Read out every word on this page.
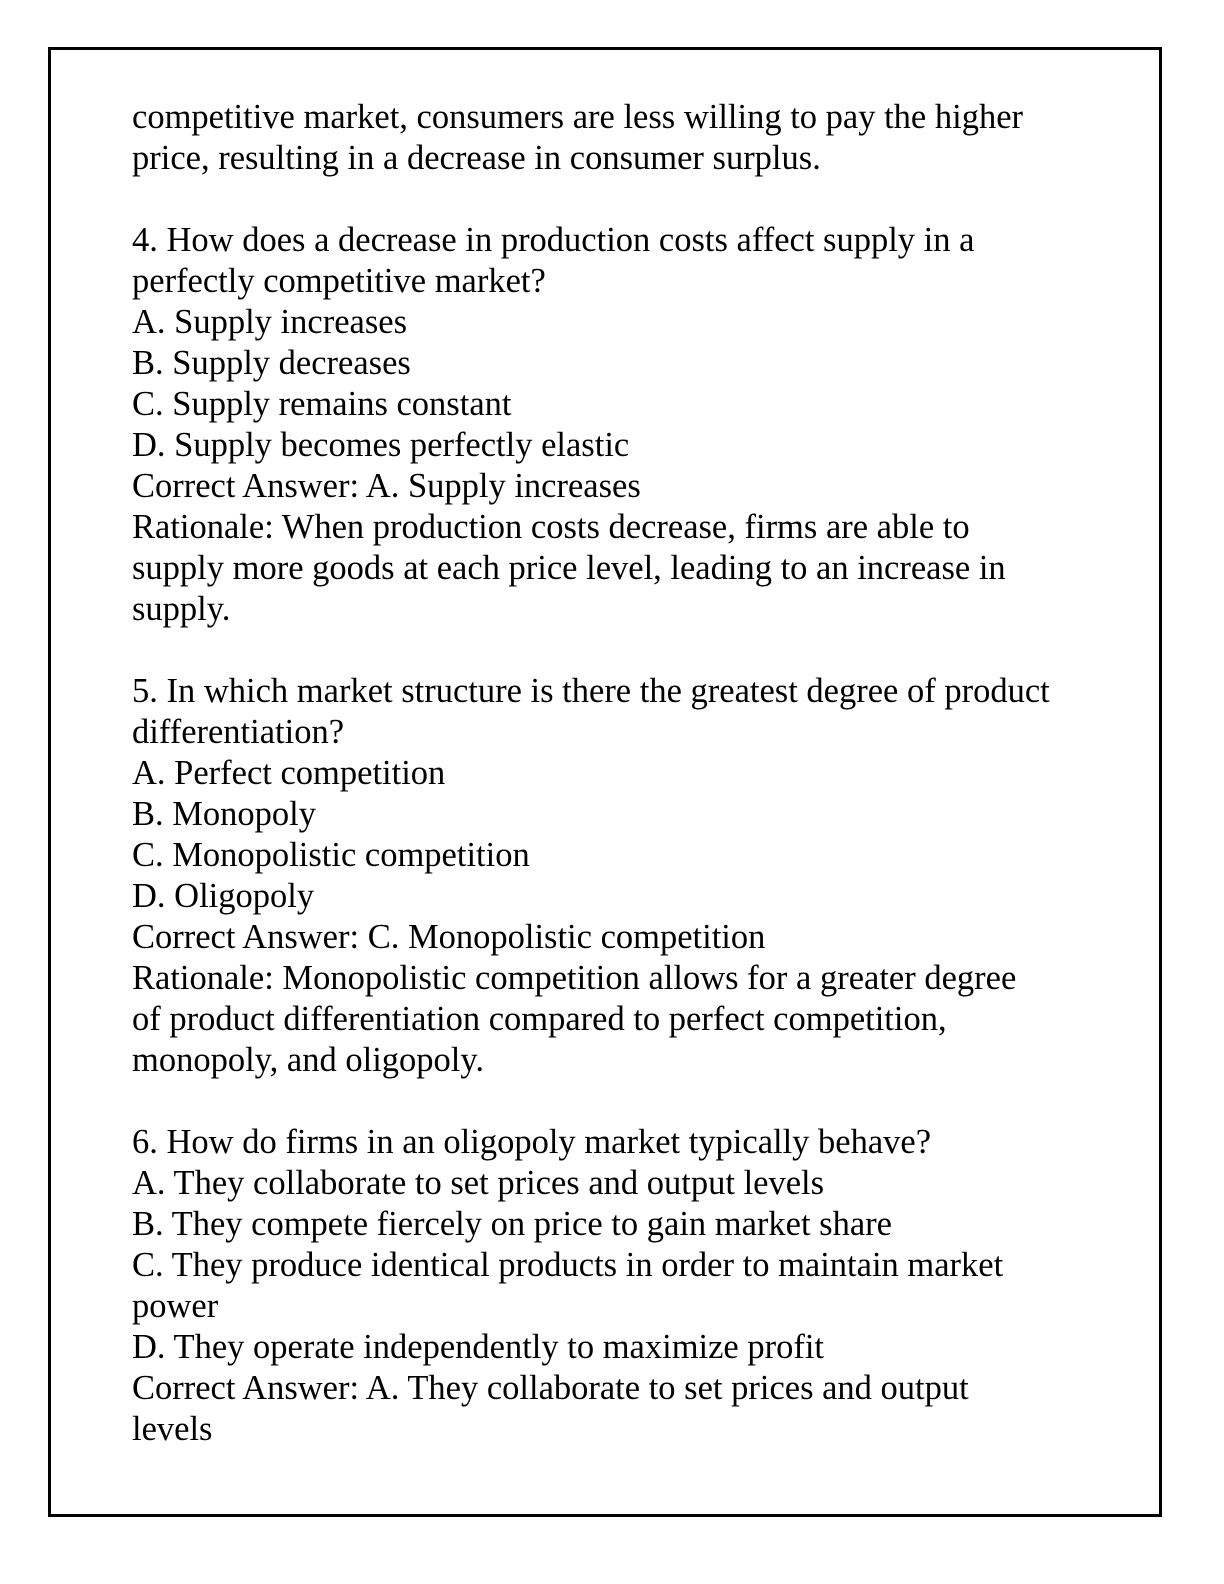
competitive market, consumers are less willing to pay the higher
price, resulting in a decrease in consumer surplus.
4. How does a decrease in production costs affect supply in a
perfectly competitive market?
A. Supply increases
B. Supply decreases
C. Supply remains constant
D. Supply becomes perfectly elastic
Correct Answer: A. Supply increases
Rationale: When production costs decrease, firms are able to
supply more goods at each price level, leading to an increase in
supply.
5. In which market structure is there the greatest degree of product
differentiation?
A. Perfect competition
B. Monopoly
C. Monopolistic competition
D. Oligopoly
Correct Answer: C. Monopolistic competition
Rationale: Monopolistic competition allows for a greater degree
of product differentiation compared to perfect competition,
monopoly, and oligopoly.
6. How do firms in an oligopoly market typically behave?
A. They collaborate to set prices and output levels
B. They compete fiercely on price to gain market share
C. They produce identical products in order to maintain market
power
D. They operate independently to maximize profit
Correct Answer: A. They collaborate to set prices and output
levels
